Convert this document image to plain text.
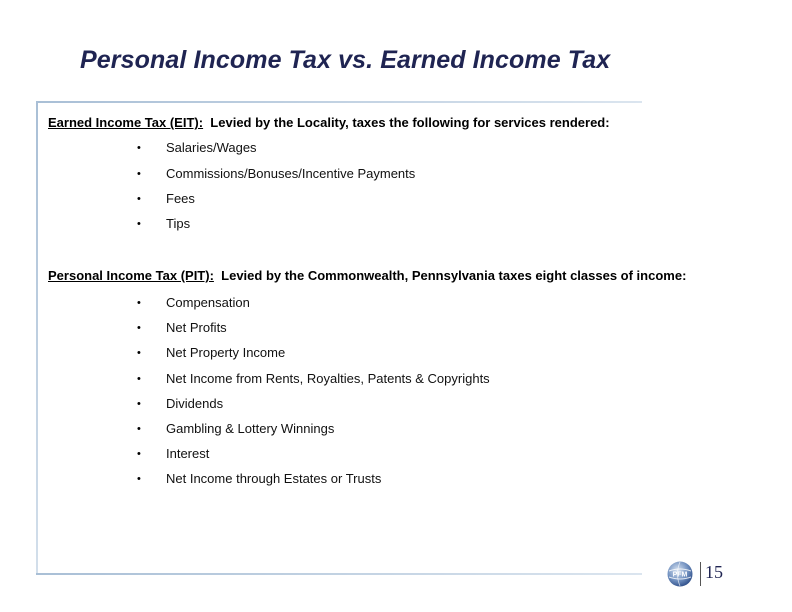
Personal Income Tax vs. Earned Income Tax
Earned Income Tax (EIT):  Levied by the Locality, taxes the following for services rendered:
• Salaries/Wages
• Commissions/Bonuses/Incentive Payments
• Fees
• Tips
Personal Income Tax (PIT):  Levied by the Commonwealth, Pennsylvania taxes eight classes of income:
• Compensation
• Net Profits
• Net Property Income
• Net Income from Rents, Royalties, Patents & Copyrights
• Dividends
• Gambling & Lottery Winnings
• Interest
• Net Income through Estates or Trusts
PFM 15
